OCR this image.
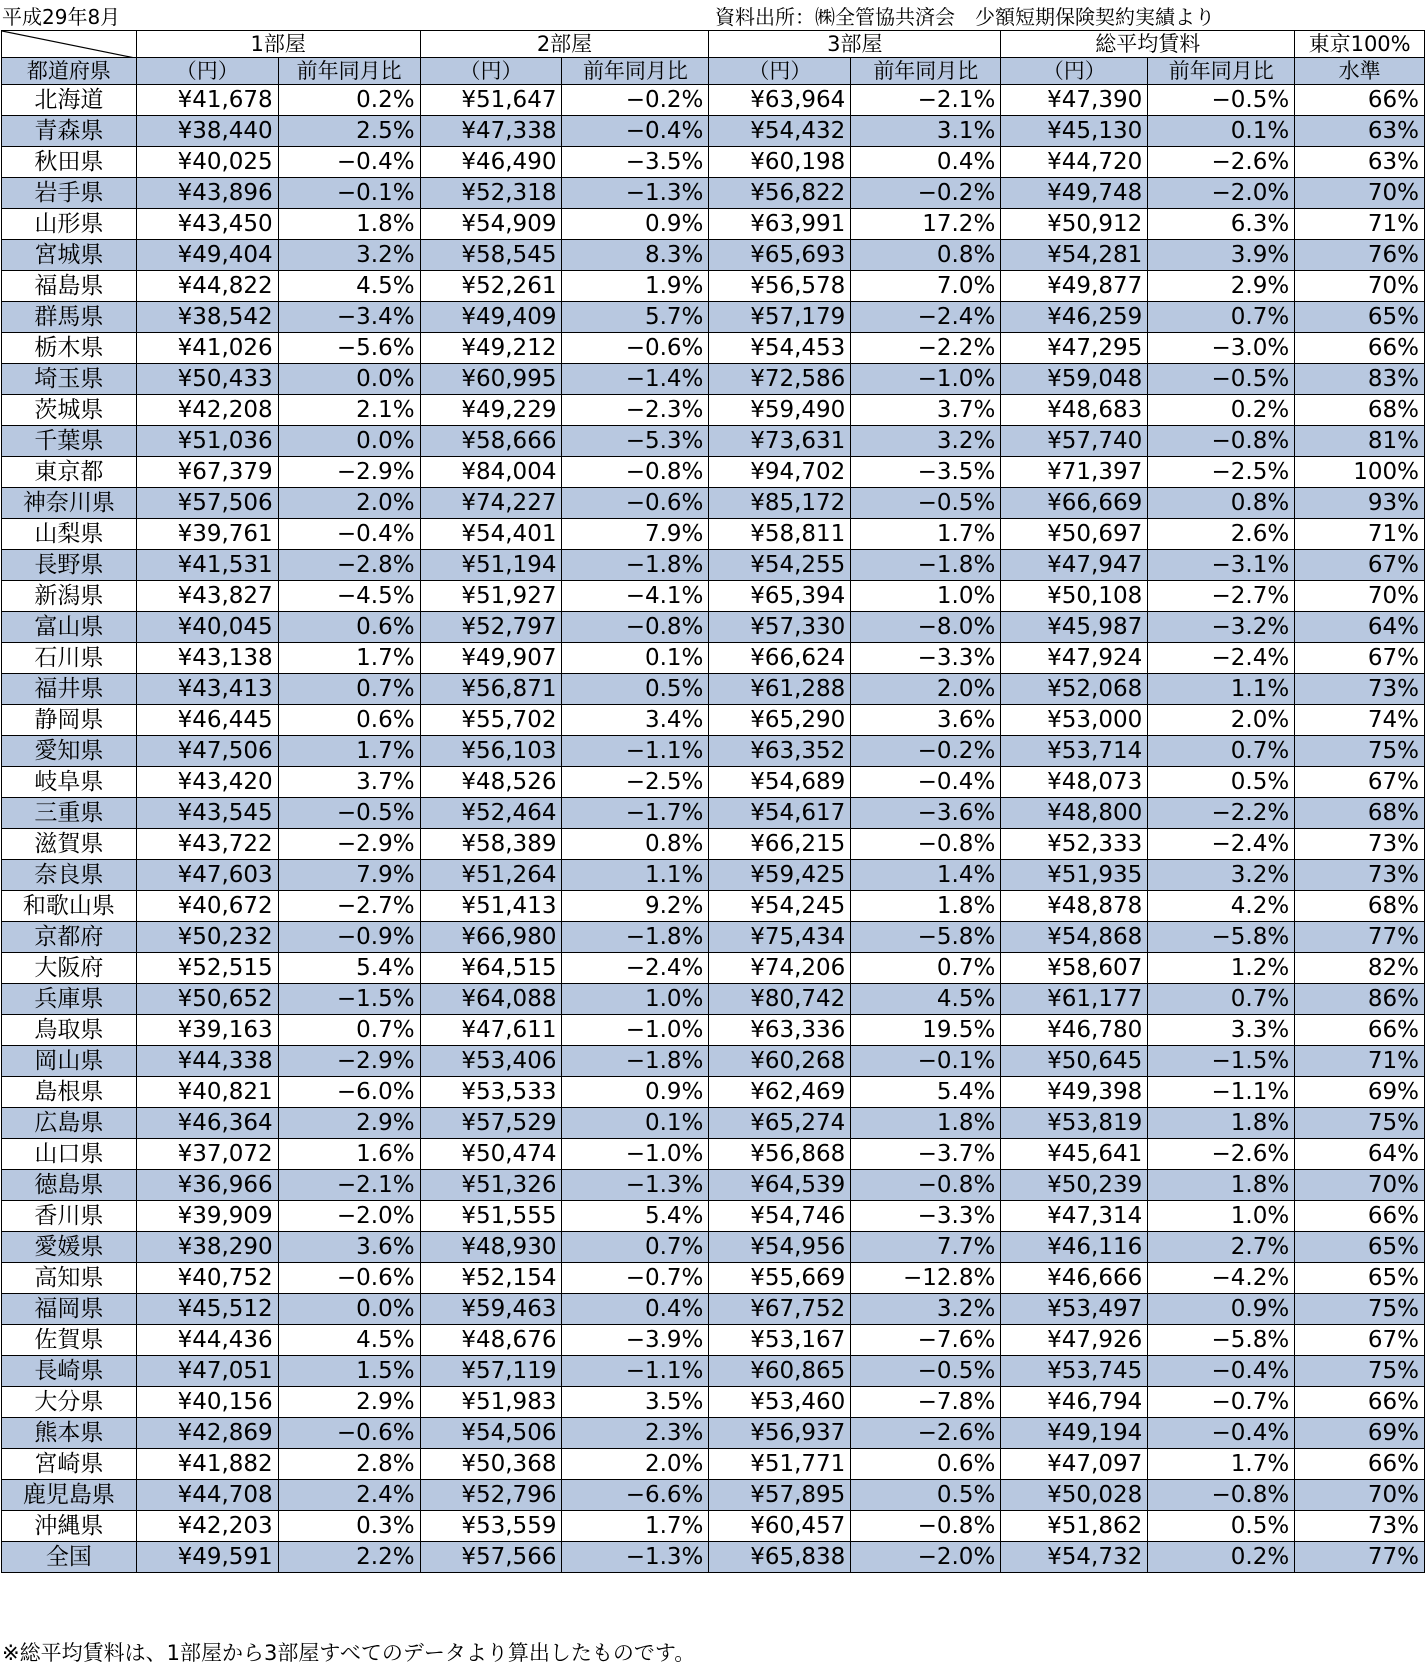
平成29年8月	資料出所：㈱全管協共済会　少額短期保険契約実績より
	1部屋		2部屋		3部屋		総平均賃料		東京100%
都道府県	（円）	前年同月比	（円）	前年同月比	（円）	前年同月比	（円）	前年同月比	水準
北海道	¥41,678	0.2%	¥51,647	−0.2%	¥63,964	−2.1%	¥47,390	−0.5%	66%
青森県	¥38,440	2.5%	¥47,338	−0.4%	¥54,432	3.1%	¥45,130	0.1%	63%
秋田県	¥40,025	−0.4%	¥46,490	−3.5%	¥60,198	0.4%	¥44,720	−2.6%	63%
岩手県	¥43,896	−0.1%	¥52,318	−1.3%	¥56,822	−0.2%	¥49,748	−2.0%	70%
山形県	¥43,450	1.8%	¥54,909	0.9%	¥63,991	17.2%	¥50,912	6.3%	71%
宮城県	¥49,404	3.2%	¥58,545	8.3%	¥65,693	0.8%	¥54,281	3.9%	76%
福島県	¥44,822	4.5%	¥52,261	1.9%	¥56,578	7.0%	¥49,877	2.9%	70%
群馬県	¥38,542	−3.4%	¥49,409	5.7%	¥57,179	−2.4%	¥46,259	0.7%	65%
栃木県	¥41,026	−5.6%	¥49,212	−0.6%	¥54,453	−2.2%	¥47,295	−3.0%	66%
埼玉県	¥50,433	0.0%	¥60,995	−1.4%	¥72,586	−1.0%	¥59,048	−0.5%	83%
茨城県	¥42,208	2.1%	¥49,229	−2.3%	¥59,490	3.7%	¥48,683	0.2%	68%
千葉県	¥51,036	0.0%	¥58,666	−5.3%	¥73,631	3.2%	¥57,740	−0.8%	81%
東京都	¥67,379	−2.9%	¥84,004	−0.8%	¥94,702	−3.5%	¥71,397	−2.5%	100%
神奈川県	¥57,506	2.0%	¥74,227	−0.6%	¥85,172	−0.5%	¥66,669	0.8%	93%
山梨県	¥39,761	−0.4%	¥54,401	7.9%	¥58,811	1.7%	¥50,697	2.6%	71%
長野県	¥41,531	−2.8%	¥51,194	−1.8%	¥54,255	−1.8%	¥47,947	−3.1%	67%
新潟県	¥43,827	−4.5%	¥51,927	−4.1%	¥65,394	1.0%	¥50,108	−2.7%	70%
富山県	¥40,045	0.6%	¥52,797	−0.8%	¥57,330	−8.0%	¥45,987	−3.2%	64%
石川県	¥43,138	1.7%	¥49,907	0.1%	¥66,624	−3.3%	¥47,924	−2.4%	67%
福井県	¥43,413	0.7%	¥56,871	0.5%	¥61,288	2.0%	¥52,068	1.1%	73%
静岡県	¥46,445	0.6%	¥55,702	3.4%	¥65,290	3.6%	¥53,000	2.0%	74%
愛知県	¥47,506	1.7%	¥56,103	−1.1%	¥63,352	−0.2%	¥53,714	0.7%	75%
岐阜県	¥43,420	3.7%	¥48,526	−2.5%	¥54,689	−0.4%	¥48,073	0.5%	67%
三重県	¥43,545	−0.5%	¥52,464	−1.7%	¥54,617	−3.6%	¥48,800	−2.2%	68%
滋賀県	¥43,722	−2.9%	¥58,389	0.8%	¥66,215	−0.8%	¥52,333	−2.4%	73%
奈良県	¥47,603	7.9%	¥51,264	1.1%	¥59,425	1.4%	¥51,935	3.2%	73%
和歌山県	¥40,672	−2.7%	¥51,413	9.2%	¥54,245	1.8%	¥48,878	4.2%	68%
京都府	¥50,232	−0.9%	¥66,980	−1.8%	¥75,434	−5.8%	¥54,868	−5.8%	77%
大阪府	¥52,515	5.4%	¥64,515	−2.4%	¥74,206	0.7%	¥58,607	1.2%	82%
兵庫県	¥50,652	−1.5%	¥64,088	1.0%	¥80,742	4.5%	¥61,177	0.7%	86%
鳥取県	¥39,163	0.7%	¥47,611	−1.0%	¥63,336	19.5%	¥46,780	3.3%	66%
岡山県	¥44,338	−2.9%	¥53,406	−1.8%	¥60,268	−0.1%	¥50,645	−1.5%	71%
島根県	¥40,821	−6.0%	¥53,533	0.9%	¥62,469	5.4%	¥49,398	−1.1%	69%
広島県	¥46,364	2.9%	¥57,529	0.1%	¥65,274	1.8%	¥53,819	1.8%	75%
山口県	¥37,072	1.6%	¥50,474	−1.0%	¥56,868	−3.7%	¥45,641	−2.6%	64%
徳島県	¥36,966	−2.1%	¥51,326	−1.3%	¥64,539	−0.8%	¥50,239	1.8%	70%
香川県	¥39,909	−2.0%	¥51,555	5.4%	¥54,746	−3.3%	¥47,314	1.0%	66%
愛媛県	¥38,290	3.6%	¥48,930	0.7%	¥54,956	7.7%	¥46,116	2.7%	65%
高知県	¥40,752	−0.6%	¥52,154	−0.7%	¥55,669	−12.8%	¥46,666	−4.2%	65%
福岡県	¥45,512	0.0%	¥59,463	0.4%	¥67,752	3.2%	¥53,497	0.9%	75%
佐賀県	¥44,436	4.5%	¥48,676	−3.9%	¥53,167	−7.6%	¥47,926	−5.8%	67%
長崎県	¥47,051	1.5%	¥57,119	−1.1%	¥60,865	−0.5%	¥53,745	−0.4%	75%
大分県	¥40,156	2.9%	¥51,983	3.5%	¥53,460	−7.8%	¥46,794	−0.7%	66%
熊本県	¥42,869	−0.6%	¥54,506	2.3%	¥56,937	−2.6%	¥49,194	−0.4%	69%
宮崎県	¥41,882	2.8%	¥50,368	2.0%	¥51,771	0.6%	¥47,097	1.7%	66%
鹿児島県	¥44,708	2.4%	¥52,796	−6.6%	¥57,895	0.5%	¥50,028	−0.8%	70%
沖縄県	¥42,203	0.3%	¥53,559	1.7%	¥60,457	−0.8%	¥51,862	0.5%	73%
全国	¥49,591	2.2%	¥57,566	−1.3%	¥65,838	−2.0%	¥54,732	0.2%	77%
※総平均賃料は、1部屋から3部屋すべてのデータより算出したものです。
